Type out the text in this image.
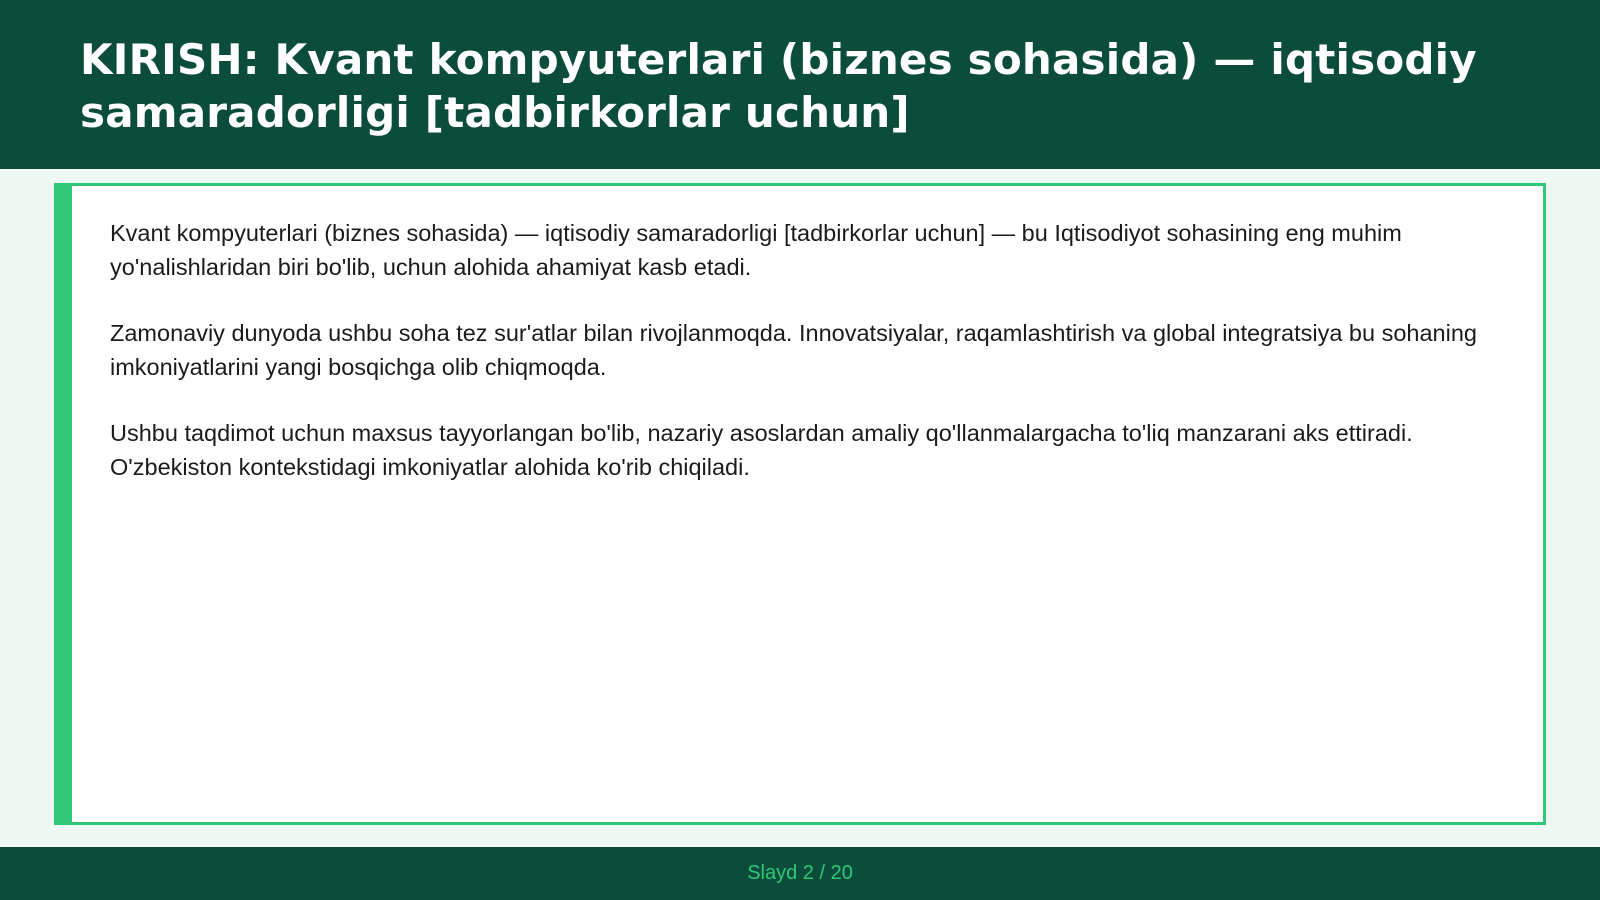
KIRISH: Kvant kompyuterlari (biznes sohasida) — iqtisodiy samaradorligi [tadbirkorlar uchun]

Kvant kompyuterlari (biznes sohasida) — iqtisodiy samaradorligi [tadbirkorlar uchun] — bu Iqtisodiyot sohasining eng muhim yo'nalishlaridan biri bo'lib, uchun alohida ahamiyat kasb etadi.

Zamonaviy dunyoda ushbu soha tez sur'atlar bilan rivojlanmoqda. Innovatsiyalar, raqamlashtirish va global integratsiya bu sohaning imkoniyatlarini yangi bosqichga olib chiqmoqda.

Ushbu taqdimot uchun maxsus tayyorlangan bo'lib, nazariy asoslardan amaliy qo'llanmalargacha to'liq manzarani aks ettiradi. O'zbekiston kontekstidagi imkoniyatlar alohida ko'rib chiqiladi.

Slayd 2 / 20
